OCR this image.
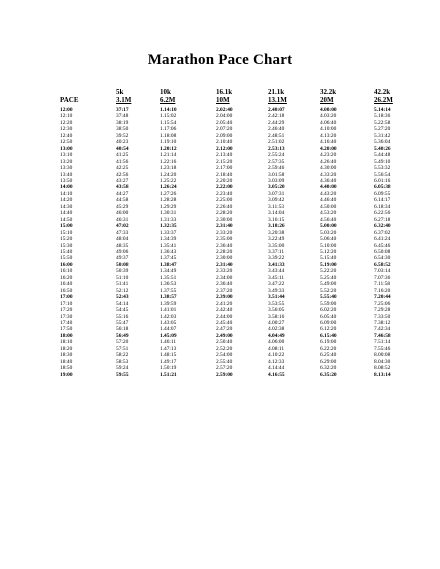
Marathon Pace Chart
	5k	10k	16.1k	21.1k	32.2k	42.2k
PACE	3.1M	6.2M	10M	13.1M	20M	26.2M
12:00	37:17	1.14:10	2.02:40	2.40:07	4.00:00	5.14:14
12:10	37:48	1.15:02	2.04:00	2.42:18	4.03:20	5.18:36
12:20	38:19	1.15:54	2.05:40	2.44:29	4.06:40	5.22:58
12:30	38:50	1.17:06	2.07:20	2.46:40	4.10:00	5.27:20
12:40	39:52	1.18:08	2.09:00	2.48:51	4.13:20	5.31:42
12:50	40:23	1.19:10	2.10:40	2.51:02	4.16:40	5.36:04
13:00	40:54	1.20:12	2.12:00	2.53:13	4.20:00	5.40:26
13:10	41:25	1.21:14	2.13:40	2.55:24	4.23:20	5.44:48
13:20	41:56	1.22:16	2.15:20	2.57:35	4.26:40	5.49:10
13:30	42:25	1.23:18	2.17:00	2.59:46	4.30:00	5.53:32
13:40	42:56	1.24:20	2.18:40	3.01:58	4.33:20	5.56:54
13:50	43:27	1.25:22	2.20:20	3.03:09	4.36:40	6.01:16
14:00	43:58	1.26:24	2.22:00	3.05:20	4.40:00	6.05:38
14:10	44:27	1.27:26	2.23:40	3.07:31	4.43:20	6.09:55
14:20	44:58	1.28:28	2.25:00	3.09:42	4.46:40	6.14:17
14:30	45:29	1.29:29	2.26:40	3.11:53	4.50:00	6.18:34
14:40	46:00	1.30:31	2.28:20	3.14:04	4.53:20	6.22:56
14:50	46:31	1.31:33	2.30:00	3.16:15	4.56:40	6.27:18
15:00	47:02	1.32:35	2.31:40	3.18:26	5.00:00	6.32:40
15:10	47:33	1.33:37	2.33:20	3.20:38	5.03:20	6.37:02
15:20	48:04	1.34:39	2.35:00	3.22:49	5.06:40	6.41:24
15:30	48:35	1.35:41	2.36:40	3.35:00	5.10:00	6.45:46
15:40	49:06	1.36:43	2.28:20	3.37:11	5.12:20	6.50:08
15:50	49:37	1.37:45	2.30:00	3.39:22	5.15:40	6.54:30
16:00	50:08	1.38:47	2.31:40	3.41:33	5.19:00	6.58:52
16:10	50:39	1.34:49	2.33:20	3.43:44	5.22:20	7.03:14
16:20	51:10	1.35:51	2.34:00	3.45:11	5.25:40	7.07:36
16:40	51:41	1.36:53	2.36:40	3.47:22	5.49:00	7.11:58
16:50	52:12	1.37:55	2.37:20	3.49:33	5.52:20	7.16:20
17:00	52:43	1.38:57	2.39:00	3.51:44	5.55:40	7.20:44
17:10	54:14	1.39:59	2.41:20	3.53:55	5.59:00	7.25:06
17:20	54:45	1.41:01	2.42:40	3.56:05	6.02:20	7.29:28
17:30	55:16	1.42:03	2.44:00	3.58:16	6.05:40	7.33:50
17:40	55:47	1.43:05	2.45:40	4.00:27	6.09:00	7.38:12
17:50	56:18	1.44:07	2.47:20	4.02:38	6.12:20	7.42:34
18:00	56:49	1.45:09	2.49:00	4.04:49	6.15:40	7.46:58
18:10	57:20	1.46:11	2.50:40	4.06:00	6.19:00	7.51:14
18:20	57:51	1.47:13	2.52:20	4.08:11	6.22:20	7.55:46
18:30	58:22	1.48:15	2.54:00	4.10:22	6.25:40	8.00:08
18:40	58:53	1.49:17	2.55:40	4.12:33	6.29:00	8.04:30
18:50	59:24	1.50:19	2.57:20	4.14:44	6.32:20	8.08:52
19:00	59:55	1.51:21	2.59:00	4.16:55	6.35:20	8.13:14
